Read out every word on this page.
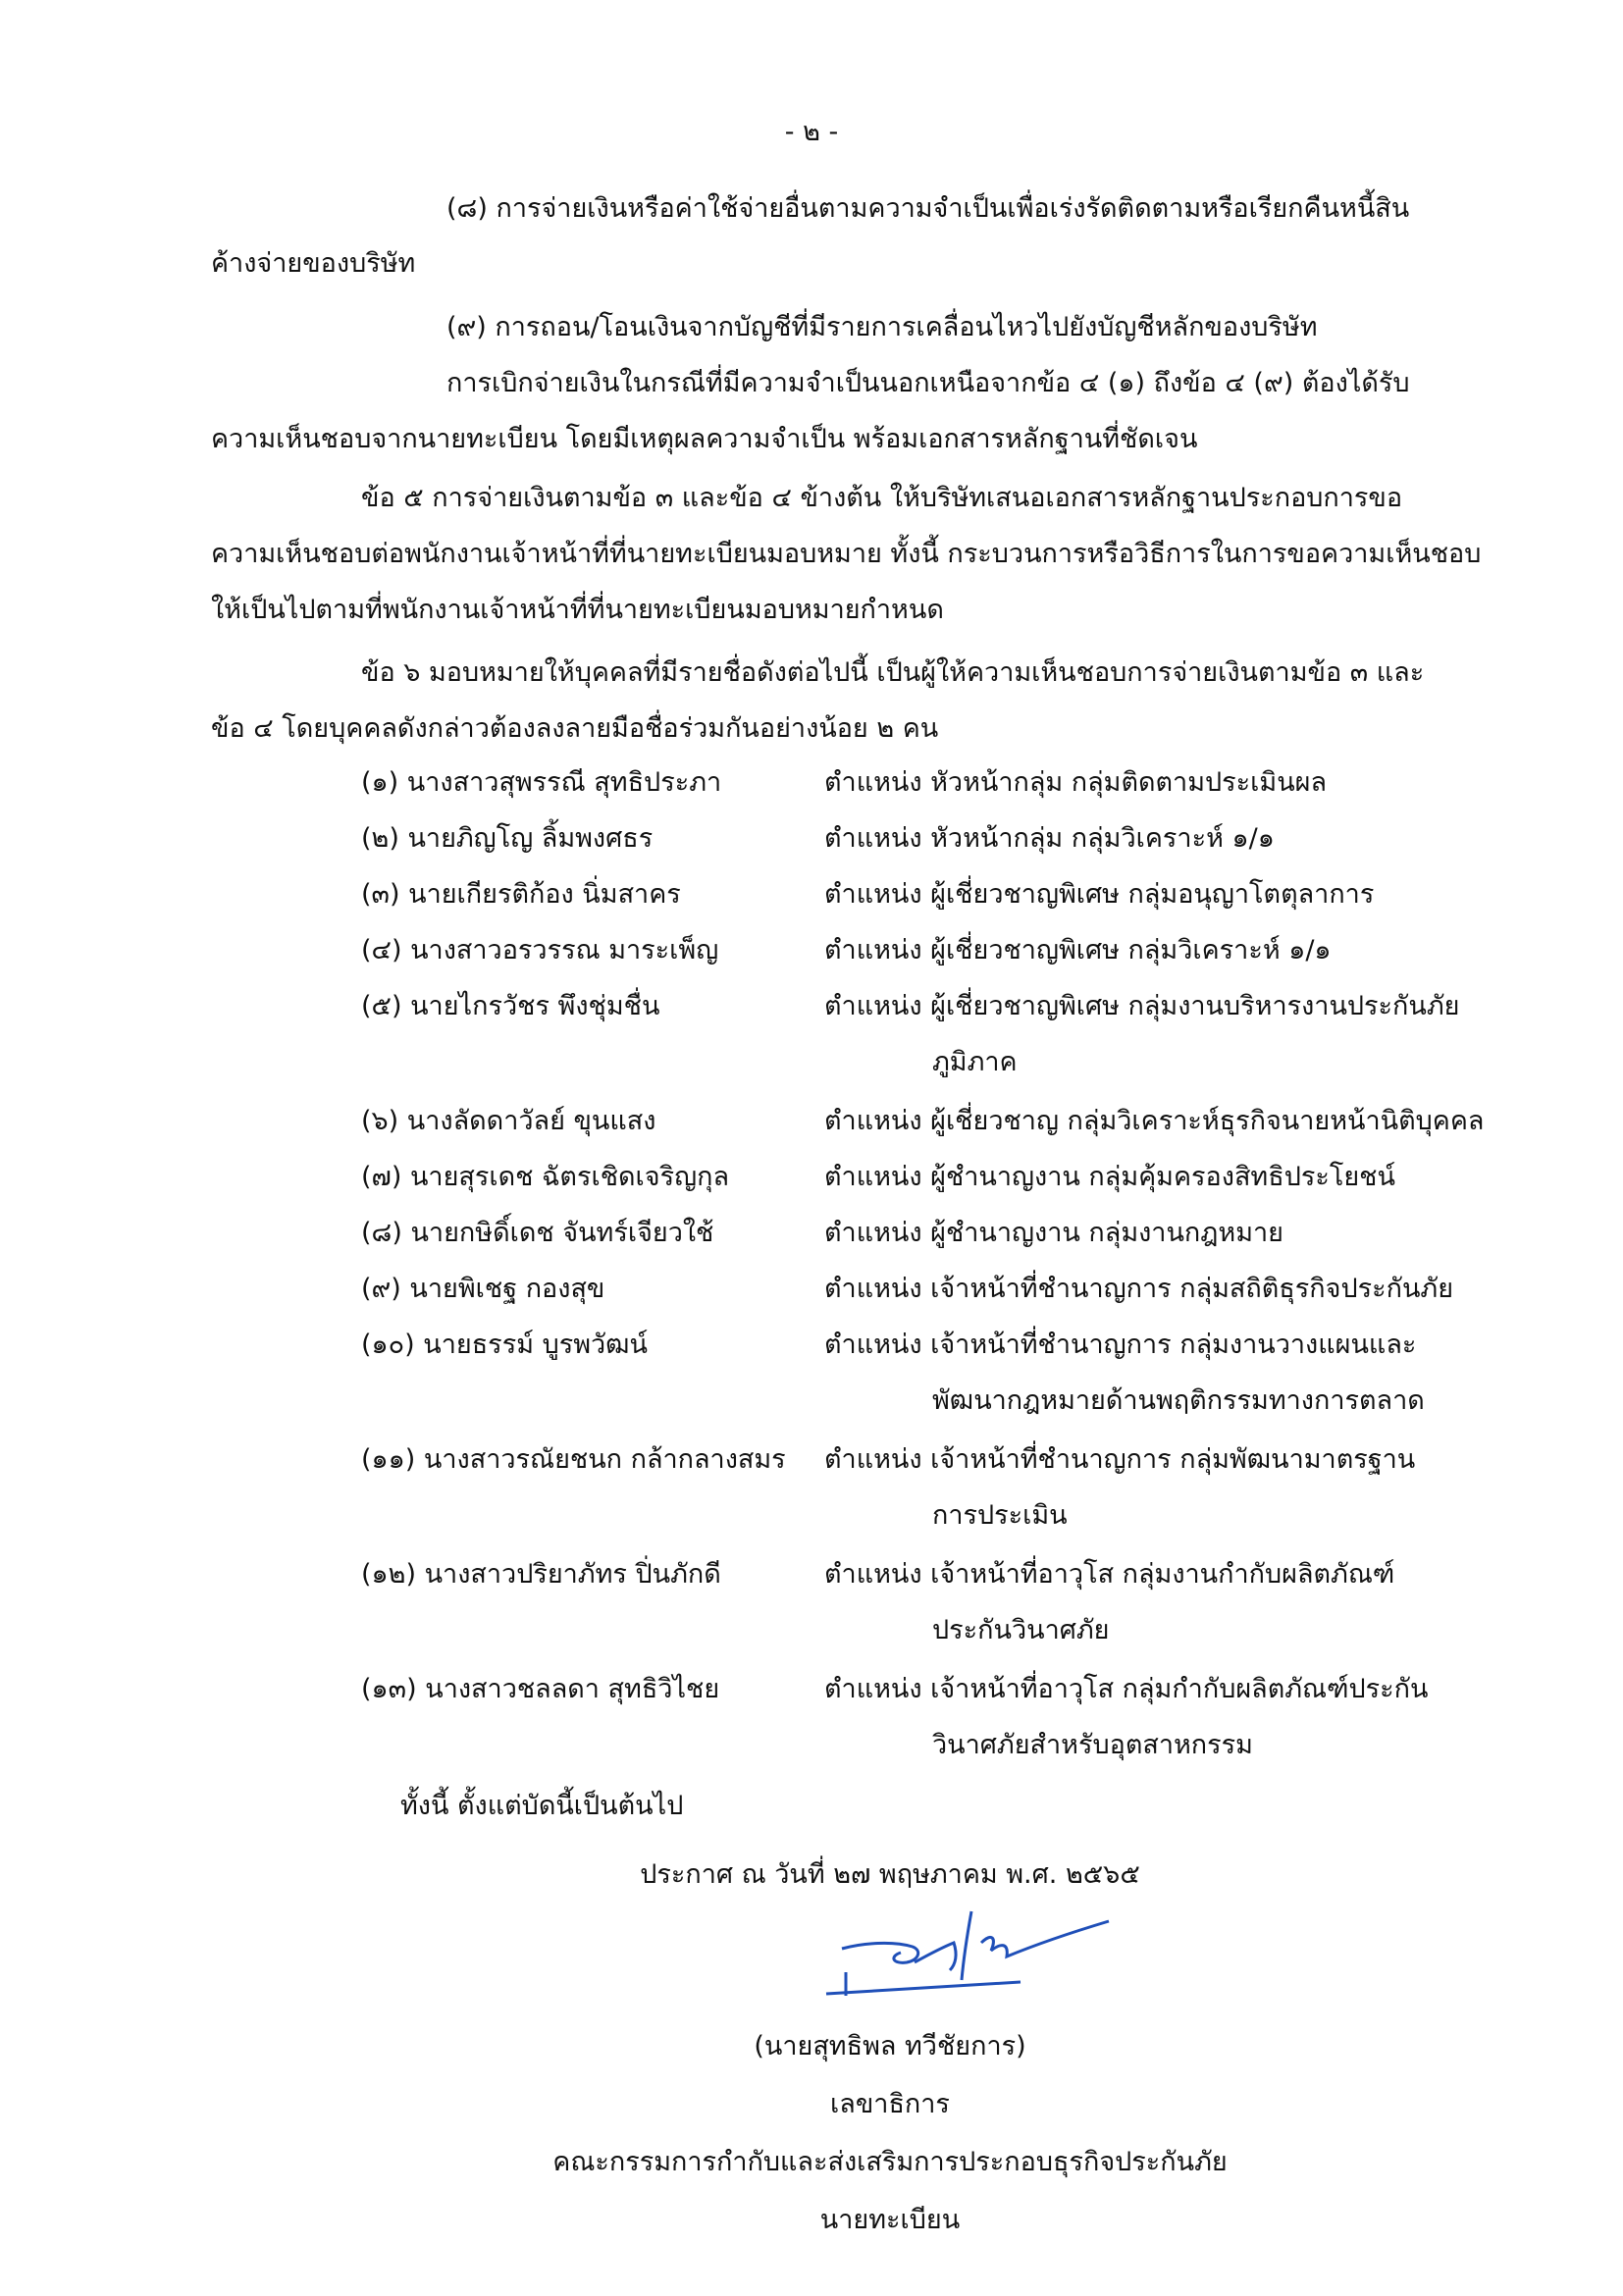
- ๒ -
(๘) การจ่ายเงินหรือค่าใช้จ่ายอื่นตามความจำเป็นเพื่อเร่งรัดติดตามหรือเรียกคืนหนี้สิน
ค้างจ่ายของบริษัท
(๙) การถอน/โอนเงินจากบัญชีที่มีรายการเคลื่อนไหวไปยังบัญชีหลักของบริษัท
การเบิกจ่ายเงินในกรณีที่มีความจำเป็นนอกเหนือจากข้อ ๔ (๑) ถึงข้อ ๔ (๙) ต้องได้รับ
ความเห็นชอบจากนายทะเบียน โดยมีเหตุผลความจำเป็น พร้อมเอกสารหลักฐานที่ชัดเจน
ข้อ ๕ การจ่ายเงินตามข้อ ๓ และข้อ ๔ ข้างต้น ให้บริษัทเสนอเอกสารหลักฐานประกอบการขอ
ความเห็นชอบต่อพนักงานเจ้าหน้าที่ที่นายทะเบียนมอบหมาย ทั้งนี้ กระบวนการหรือวิธีการในการขอความเห็นชอบ
ให้เป็นไปตามที่พนักงานเจ้าหน้าที่ที่นายทะเบียนมอบหมายกำหนด
ข้อ ๖ มอบหมายให้บุคคลที่มีรายชื่อดังต่อไปนี้ เป็นผู้ให้ความเห็นชอบการจ่ายเงินตามข้อ ๓ และ
ข้อ ๔ โดยบุคคลดังกล่าวต้องลงลายมือชื่อร่วมกันอย่างน้อย ๒ คน
(๑) นางสาวสุพรรณี สุทธิประภา	ตำแหน่ง หัวหน้ากลุ่ม กลุ่มติดตามประเมินผล
(๒) นายภิญโญ ลิ้มพงศธร	ตำแหน่ง หัวหน้ากลุ่ม กลุ่มวิเคราะห์ ๑/๑
(๓) นายเกียรติก้อง นิ่มสาคร	ตำแหน่ง ผู้เชี่ยวชาญพิเศษ กลุ่มอนุญาโตตุลาการ
(๔) นางสาวอรวรรณ มาระเพ็ญ	ตำแหน่ง ผู้เชี่ยวชาญพิเศษ กลุ่มวิเคราะห์ ๑/๑
(๕) นายไกรวัชร พึงชุ่มชื่น	ตำแหน่ง ผู้เชี่ยวชาญพิเศษ กลุ่มงานบริหารงานประกันภัย
ภูมิภาค
(๖) นางลัดดาวัลย์ ขุนแสง	ตำแหน่ง ผู้เชี่ยวชาญ กลุ่มวิเคราะห์ธุรกิจนายหน้านิติบุคคล
(๗) นายสุรเดช ฉัตรเชิดเจริญกุล	ตำแหน่ง ผู้ชำนาญงาน กลุ่มคุ้มครองสิทธิประโยชน์
(๘) นายกษิดิ์เดช จันทร์เจียวใช้	ตำแหน่ง ผู้ชำนาญงาน กลุ่มงานกฎหมาย
(๙) นายพิเชฐ กองสุข	ตำแหน่ง เจ้าหน้าที่ชำนาญการ กลุ่มสถิติธุรกิจประกันภัย
(๑๐) นายธรรม์ บูรพวัฒน์	ตำแหน่ง เจ้าหน้าที่ชำนาญการ กลุ่มงานวางแผนและ
พัฒนากฎหมายด้านพฤติกรรมทางการตลาด
(๑๑) นางสาวรณัยชนก กล้ากลางสมร ตำแหน่ง เจ้าหน้าที่ชำนาญการ กลุ่มพัฒนามาตรฐาน
การประเมิน
(๑๒) นางสาวปริยาภัทร ปิ่นภักดี	ตำแหน่ง เจ้าหน้าที่อาวุโส กลุ่มงานกำกับผลิตภัณฑ์
ประกันวินาศภัย
(๑๓) นางสาวชลลดา สุทธิวิไชย	ตำแหน่ง เจ้าหน้าที่อาวุโส กลุ่มกำกับผลิตภัณฑ์ประกัน
วินาศภัยสำหรับอุตสาหกรรม
ทั้งนี้ ตั้งแต่บัดนี้เป็นต้นไป
ประกาศ ณ วันที่ ๒๗ พฤษภาคม พ.ศ. ๒๕๖๕
(นายสุทธิพล ทวีชัยการ)
เลขาธิการ
คณะกรรมการกำกับและส่งเสริมการประกอบธุรกิจประกันภัย
นายทะเบียน
